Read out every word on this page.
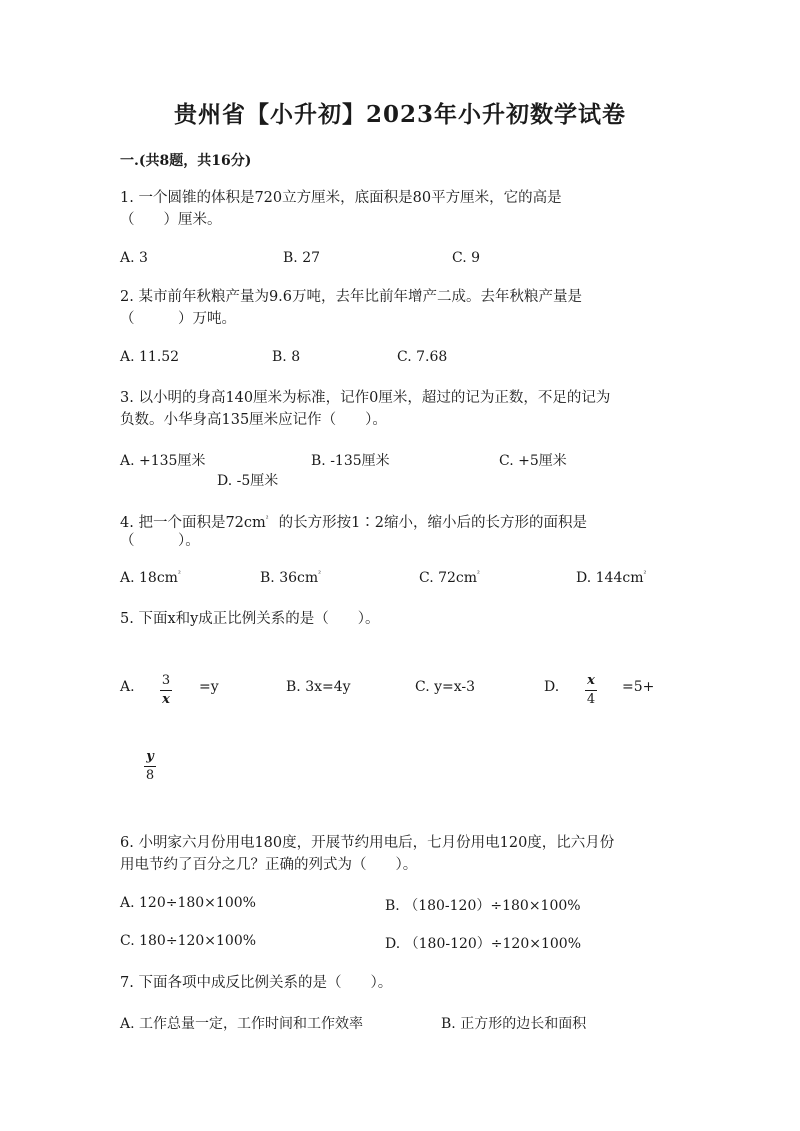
贵州省【小升初】2023年小升初数学试卷
一.(共8题，共16分)
1. 一个圆锥的体积是720立方厘米，底面积是80平方厘米，它的高是
（　　）厘米。
A. 3	B. 27	C. 9
2. 某市前年秋粮产量为9.6万吨，去年比前年增产二成。去年秋粮产量是
（　　　）万吨。
A. 11.52	B. 8	C. 7.68
3. 以小明的身高140厘米为标准，记作0厘米，超过的记为正数，不足的记为
负数。小华身高135厘米应记作（　　）。
A. +135厘米	B. -135厘米	C. +5厘米
D. -5厘米
4. 把一个面积是$72cm^{^2}$ 的长方形按1∶2缩小，缩小后的长方形的面积是
（　　　）。
A. $18cm^{^2}$	B. $36cm^{^2}$	C. $72cm^{^2}$	D. $144cm^{^2}$
5. 下面x和y成正比例关系的是（　　）。
A. 3
x
=y	B. 3x=4y	C. y=x-3	D. x
4
=5+
y
8
6. 小明家六月份用电180度，开展节约用电后，七月份用电120度，比六月份
用电节约了百分之几？正确的列式为（　　）。
A. 120÷180×100%	B. （180-120）÷180×100%
C. 180÷120×100%	D. （180-120）÷120×100%
7. 下面各项中成反比例关系的是（　　）。
A. 工作总量一定，工作时间和工作效率	B. 正方形的边长和面积
